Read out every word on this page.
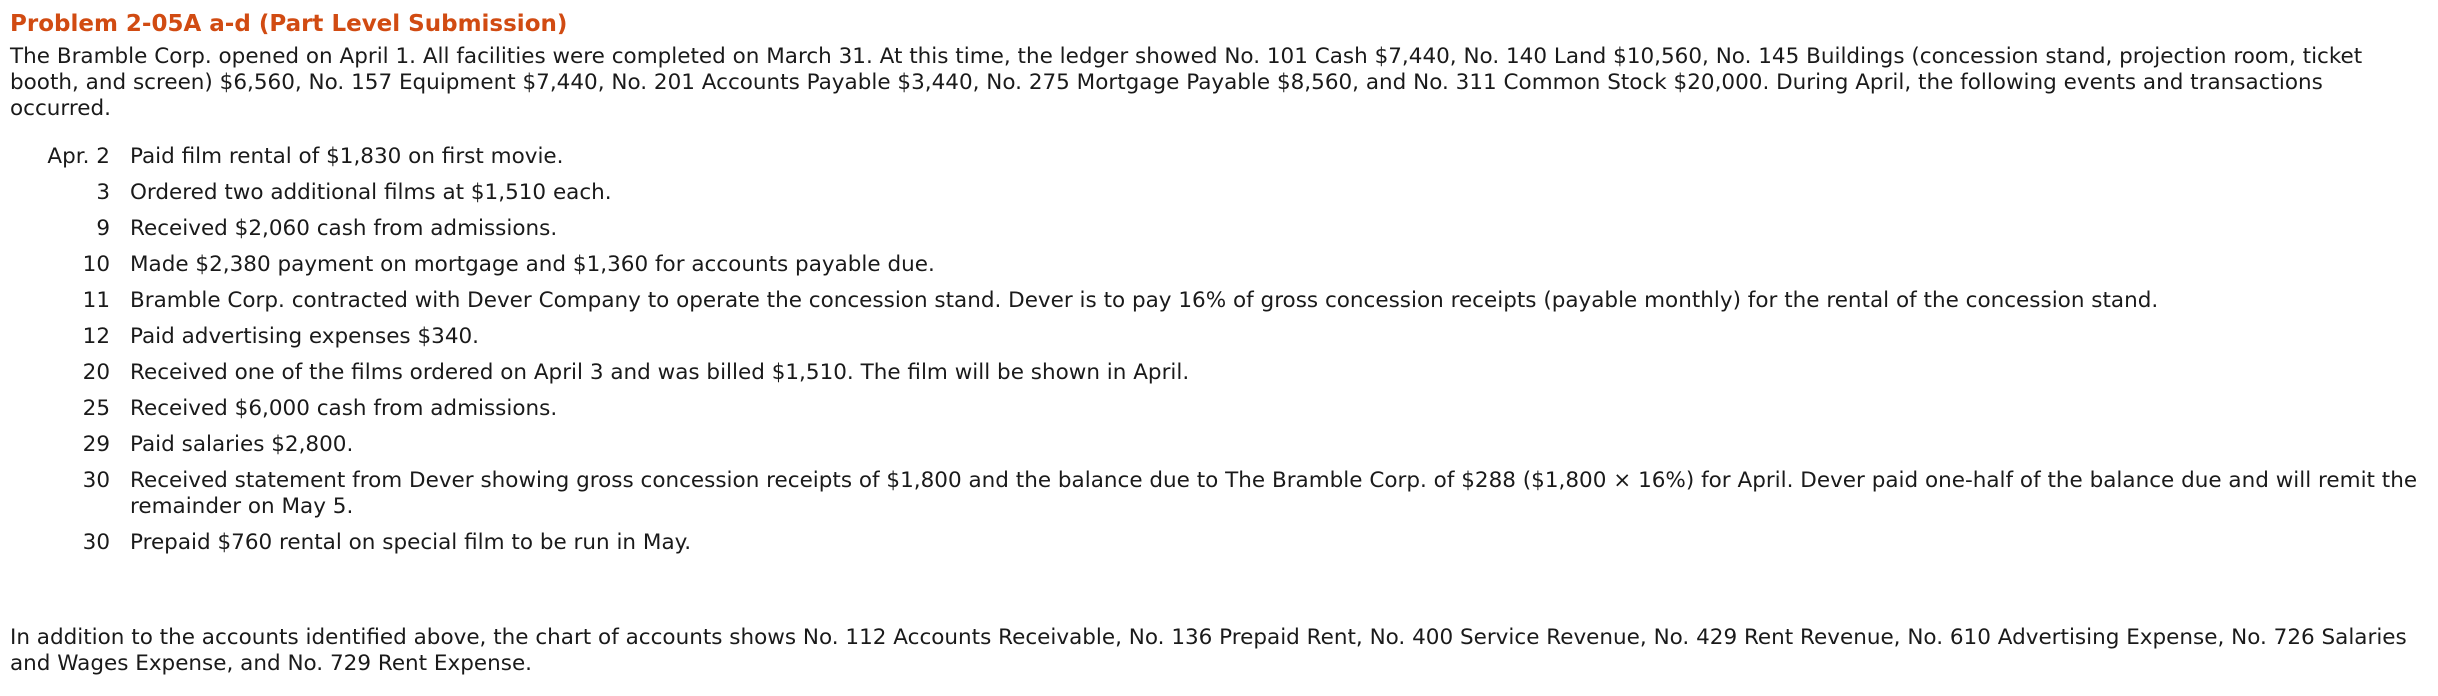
Problem 2-05A a-d (Part Level Submission)

The Bramble Corp. opened on April 1. All facilities were completed on March 31. At this time, the ledger showed No. 101 Cash $7,440, No. 140 Land $10,560, No. 145 Buildings (concession stand, projection room, ticket booth, and screen) $6,560, No. 157 Equipment $7,440, No. 201 Accounts Payable $3,440, No. 275 Mortgage Payable $8,560, and No. 311 Common Stock $20,000. During April, the following events and transactions occurred.

Apr. 2	Paid film rental of $1,830 on first movie.

3	Ordered two additional films at $1,510 each.

9	Received $2,060 cash from admissions.

10	Made $2,380 payment on mortgage and $1,360 for accounts payable due.

11	Bramble Corp. contracted with Dever Company to operate the concession stand. Dever is to pay 16% of gross concession receipts (payable monthly) for the rental of the concession stand.

12	Paid advertising expenses $340.

20	Received one of the films ordered on April 3 and was billed $1,510. The film will be shown in April.

25	Received $6,000 cash from admissions.

29	Paid salaries $2,800.

30	Received statement from Dever showing gross concession receipts of $1,800 and the balance due to The Bramble Corp. of $288 ($1,800 × 16%) for April. Dever paid one-half of the balance due and will remit the remainder on May 5.

30	Prepaid $760 rental on special film to be run in May.

In addition to the accounts identified above, the chart of accounts shows No. 112 Accounts Receivable, No. 136 Prepaid Rent, No. 400 Service Revenue, No. 429 Rent Revenue, No. 610 Advertising Expense, No. 726 Salaries and Wages Expense, and No. 729 Rent Expense.
